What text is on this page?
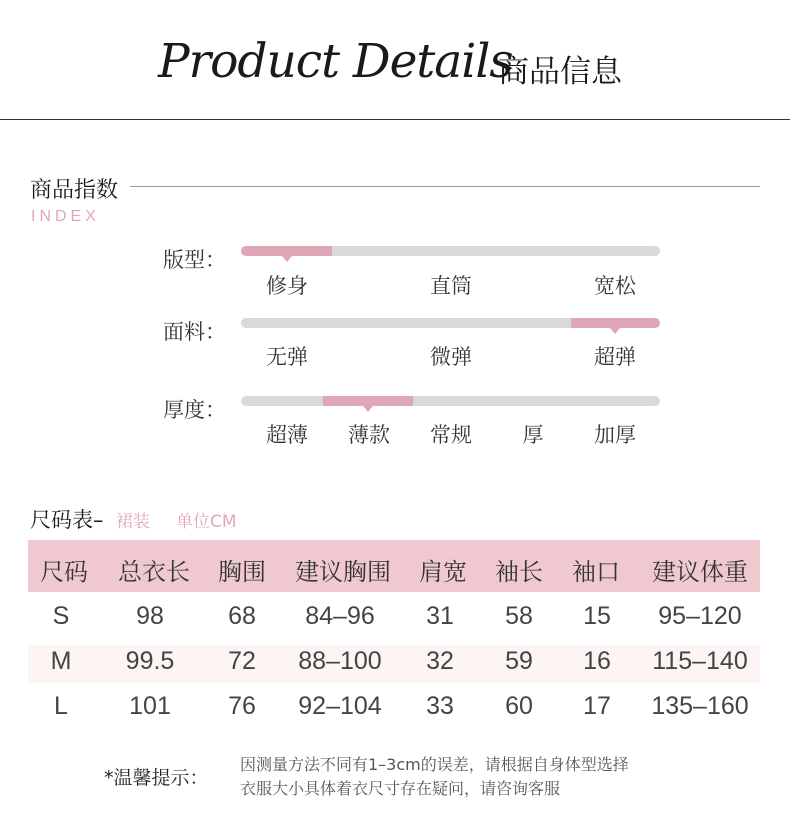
Product Details
商品信息
商品指数
INDEX
版型：
修身	直筒	宽松
面料：
无弹	微弹	超弹
厚度：
超薄 薄款 常规 厚 加厚
尺码表– 裙装 单位CM
尺码 总衣长 胸围 建议胸围 肩宽 袖长 袖口 建议体重
S	98	68 84–96 31 58 15 95–120
M 99.5 72 88–100 32 59 16 115–140
L 101 76 92–104 33 60 17 135–160
*温馨提示：
因测量方法不同有1–3cm的误差，请根据自身体型选择
衣服大小具体着衣尺寸存在疑问，请咨询客服
